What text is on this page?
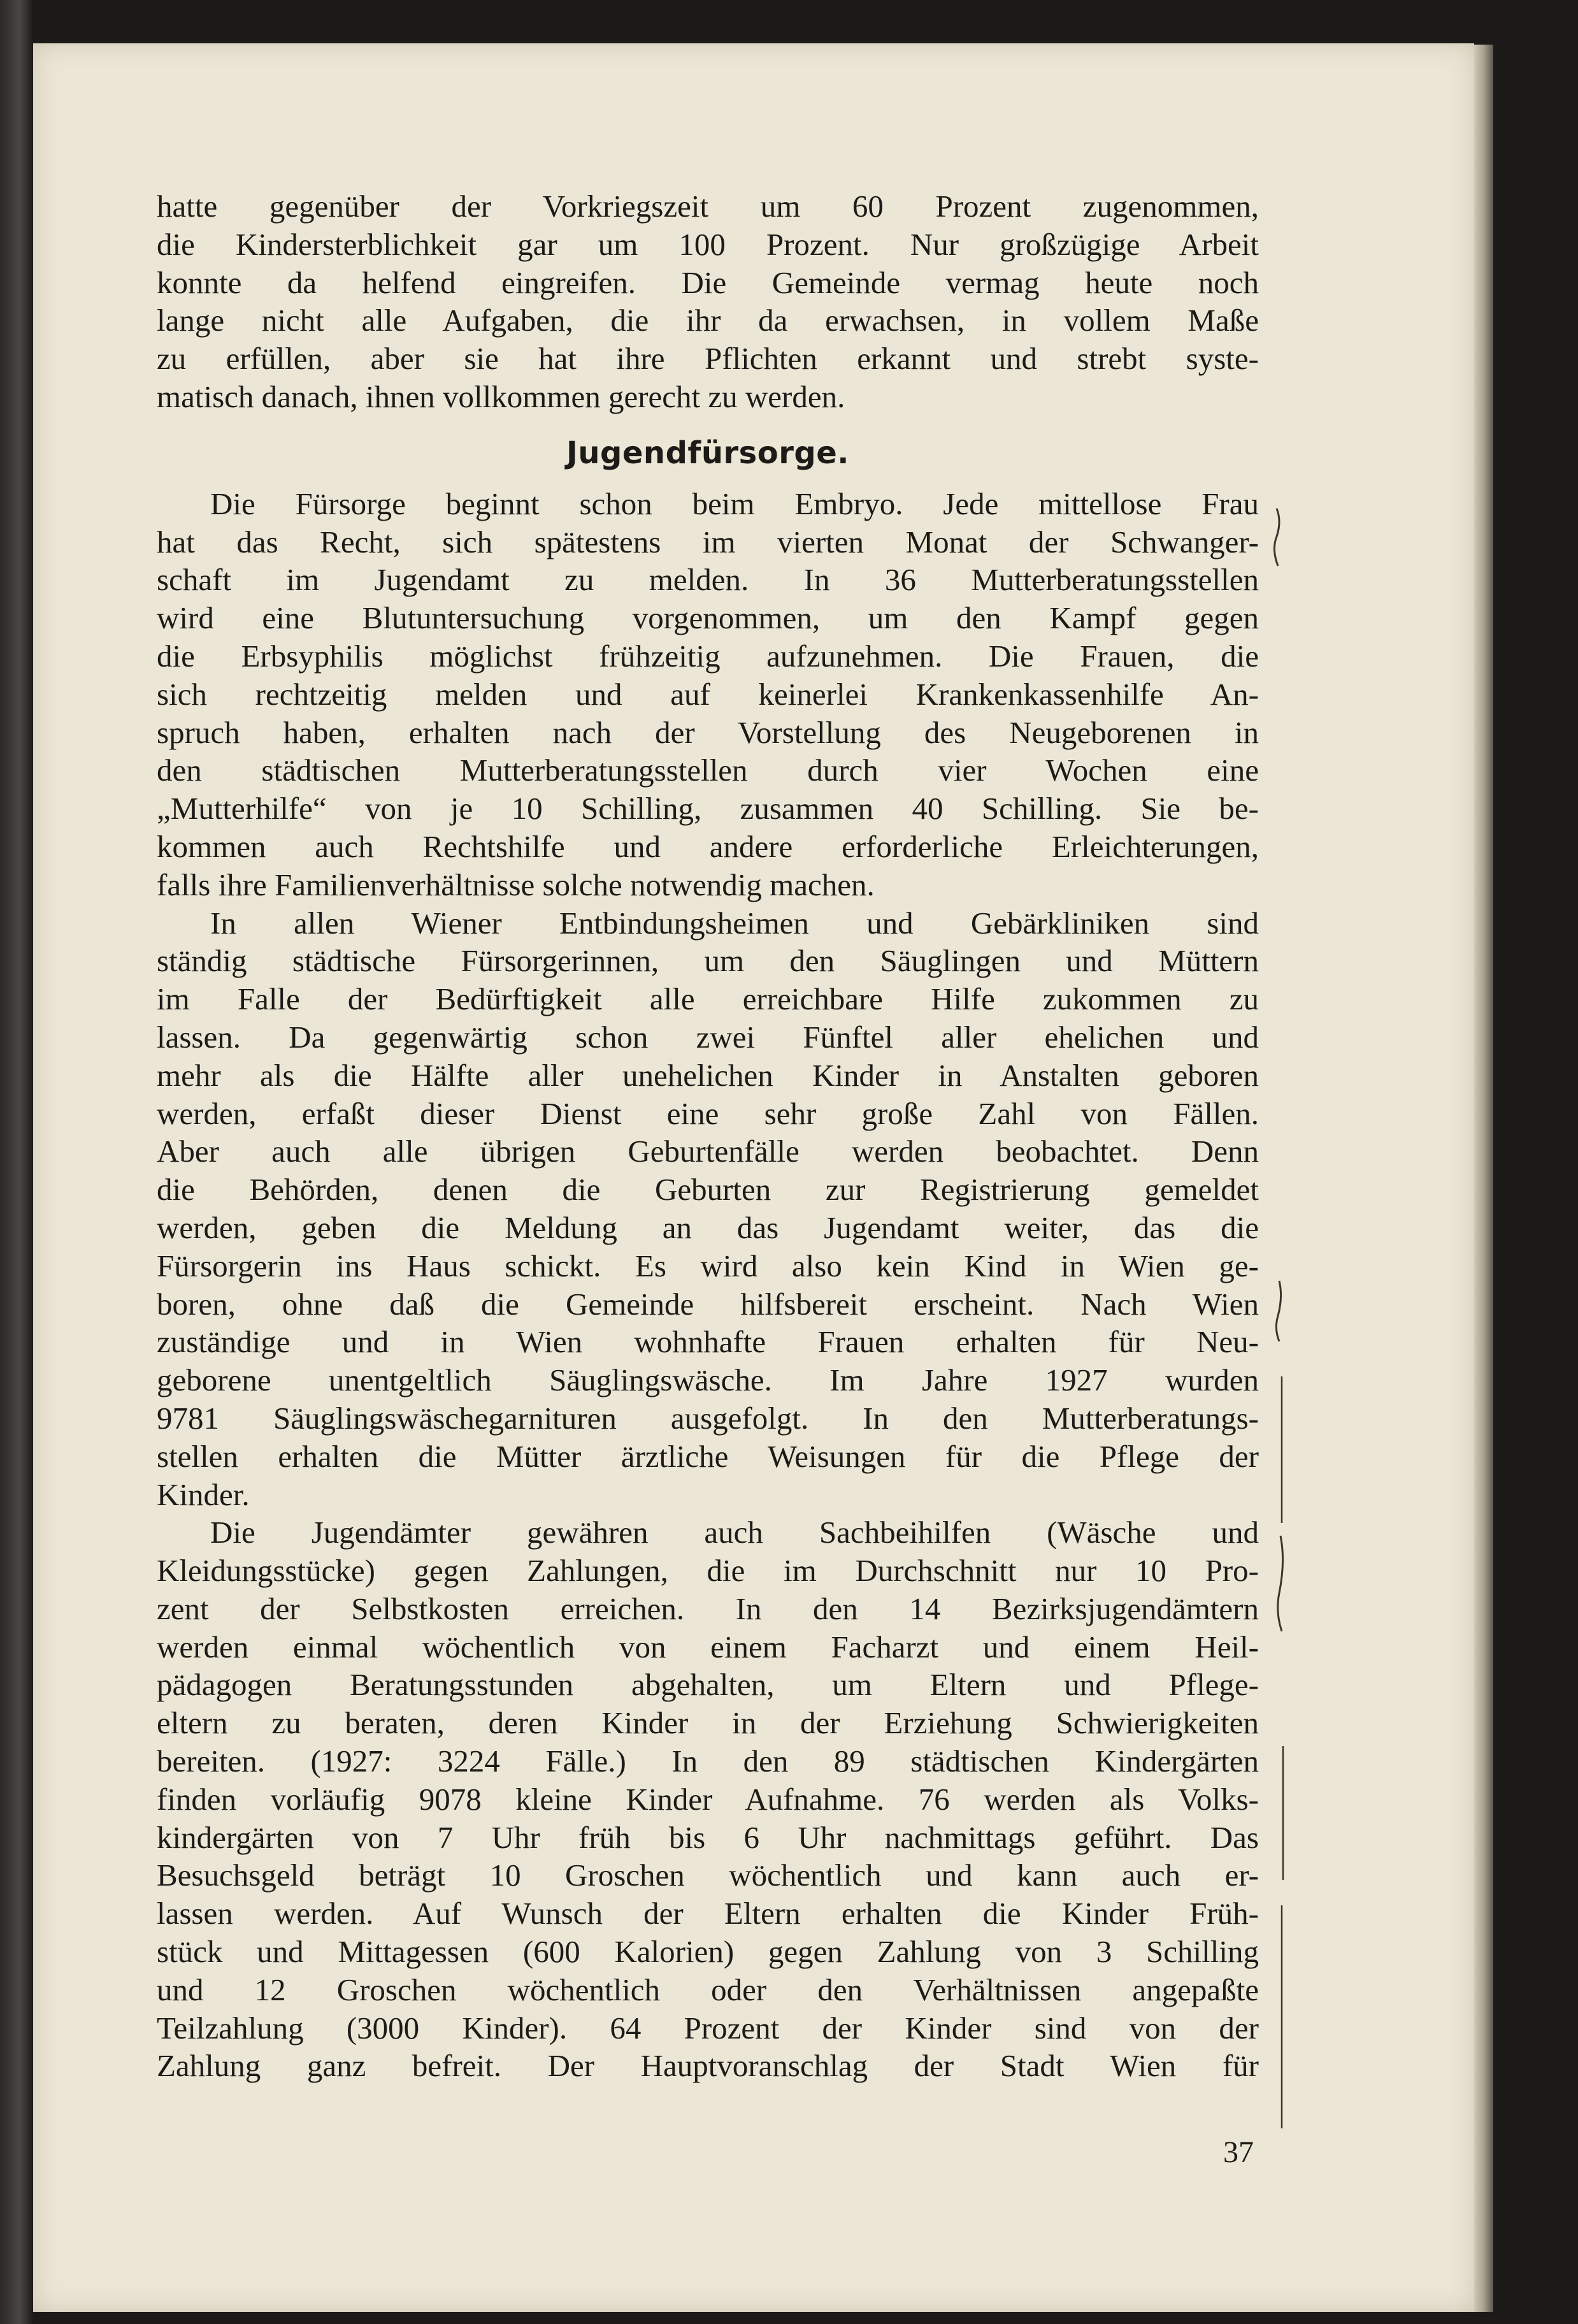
hatte gegenüber der Vorkriegszeit um 60 Prozent zugenommen,
die Kindersterblichkeit gar um 100 Prozent. Nur großzügige Arbeit
konnte da helfend eingreifen. Die Gemeinde vermag heute noch
lange nicht alle Aufgaben, die ihr da erwachsen, in vollem Maße
zu erfüllen, aber sie hat ihre Pflichten erkannt und strebt syste-
matisch danach, ihnen vollkommen gerecht zu werden.

Jugendfürsorge.

Die Fürsorge beginnt schon beim Embryo. Jede mittellose Frau
hat das Recht, sich spätestens im vierten Monat der Schwanger-
schaft im Jugendamt zu melden. In 36 Mutterberatungsstellen
wird eine Blutuntersuchung vorgenommen, um den Kampf gegen
die Erbsyphilis möglichst frühzeitig aufzunehmen. Die Frauen, die
sich rechtzeitig melden und auf keinerlei Krankenkassenhilfe An-
spruch haben, erhalten nach der Vorstellung des Neugeborenen in
den städtischen Mutterberatungsstellen durch vier Wochen eine
„Mutterhilfe“ von je 10 Schilling, zusammen 40 Schilling. Sie be-
kommen auch Rechtshilfe und andere erforderliche Erleichterungen,
falls ihre Familienverhältnisse solche notwendig machen.

In allen Wiener Entbindungsheimen und Gebärkliniken sind
ständig städtische Fürsorgerinnen, um den Säuglingen und Müttern
im Falle der Bedürftigkeit alle erreichbare Hilfe zukommen zu
lassen. Da gegenwärtig schon zwei Fünftel aller ehelichen und
mehr als die Hälfte aller unehelichen Kinder in Anstalten geboren
werden, erfaßt dieser Dienst eine sehr große Zahl von Fällen.
Aber auch alle übrigen Geburtenfälle werden beobachtet. Denn
die Behörden, denen die Geburten zur Registrierung gemeldet
werden, geben die Meldung an das Jugendamt weiter, das die
Fürsorgerin ins Haus schickt. Es wird also kein Kind in Wien ge-
boren, ohne daß die Gemeinde hilfsbereit erscheint. Nach Wien
zuständige und in Wien wohnhafte Frauen erhalten für Neu-
geborene unentgeltlich Säuglingswäsche. Im Jahre 1927 wurden
9781 Säuglingswäschegarnituren ausgefolgt. In den Mutterberatungs-
stellen erhalten die Mütter ärztliche Weisungen für die Pflege der
Kinder.

Die Jugendämter gewähren auch Sachbeihilfen (Wäsche und
Kleidungsstücke) gegen Zahlungen, die im Durchschnitt nur 10 Pro-
zent der Selbstkosten erreichen. In den 14 Bezirksjugendämtern
werden einmal wöchentlich von einem Facharzt und einem Heil-
pädagogen Beratungsstunden abgehalten, um Eltern und Pflege-
eltern zu beraten, deren Kinder in der Erziehung Schwierigkeiten
bereiten. (1927: 3224 Fälle.) In den 89 städtischen Kindergärten
finden vorläufig 9078 kleine Kinder Aufnahme. 76 werden als Volks-
kindergärten von 7 Uhr früh bis 6 Uhr nachmittags geführt. Das
Besuchsgeld beträgt 10 Groschen wöchentlich und kann auch er-
lassen werden. Auf Wunsch der Eltern erhalten die Kinder Früh-
stück und Mittagessen (600 Kalorien) gegen Zahlung von 3 Schilling
und 12 Groschen wöchentlich oder den Verhältnissen angepaßte
Teilzahlung (3000 Kinder). 64 Prozent der Kinder sind von der
Zahlung ganz befreit. Der Hauptvoranschlag der Stadt Wien für

37
